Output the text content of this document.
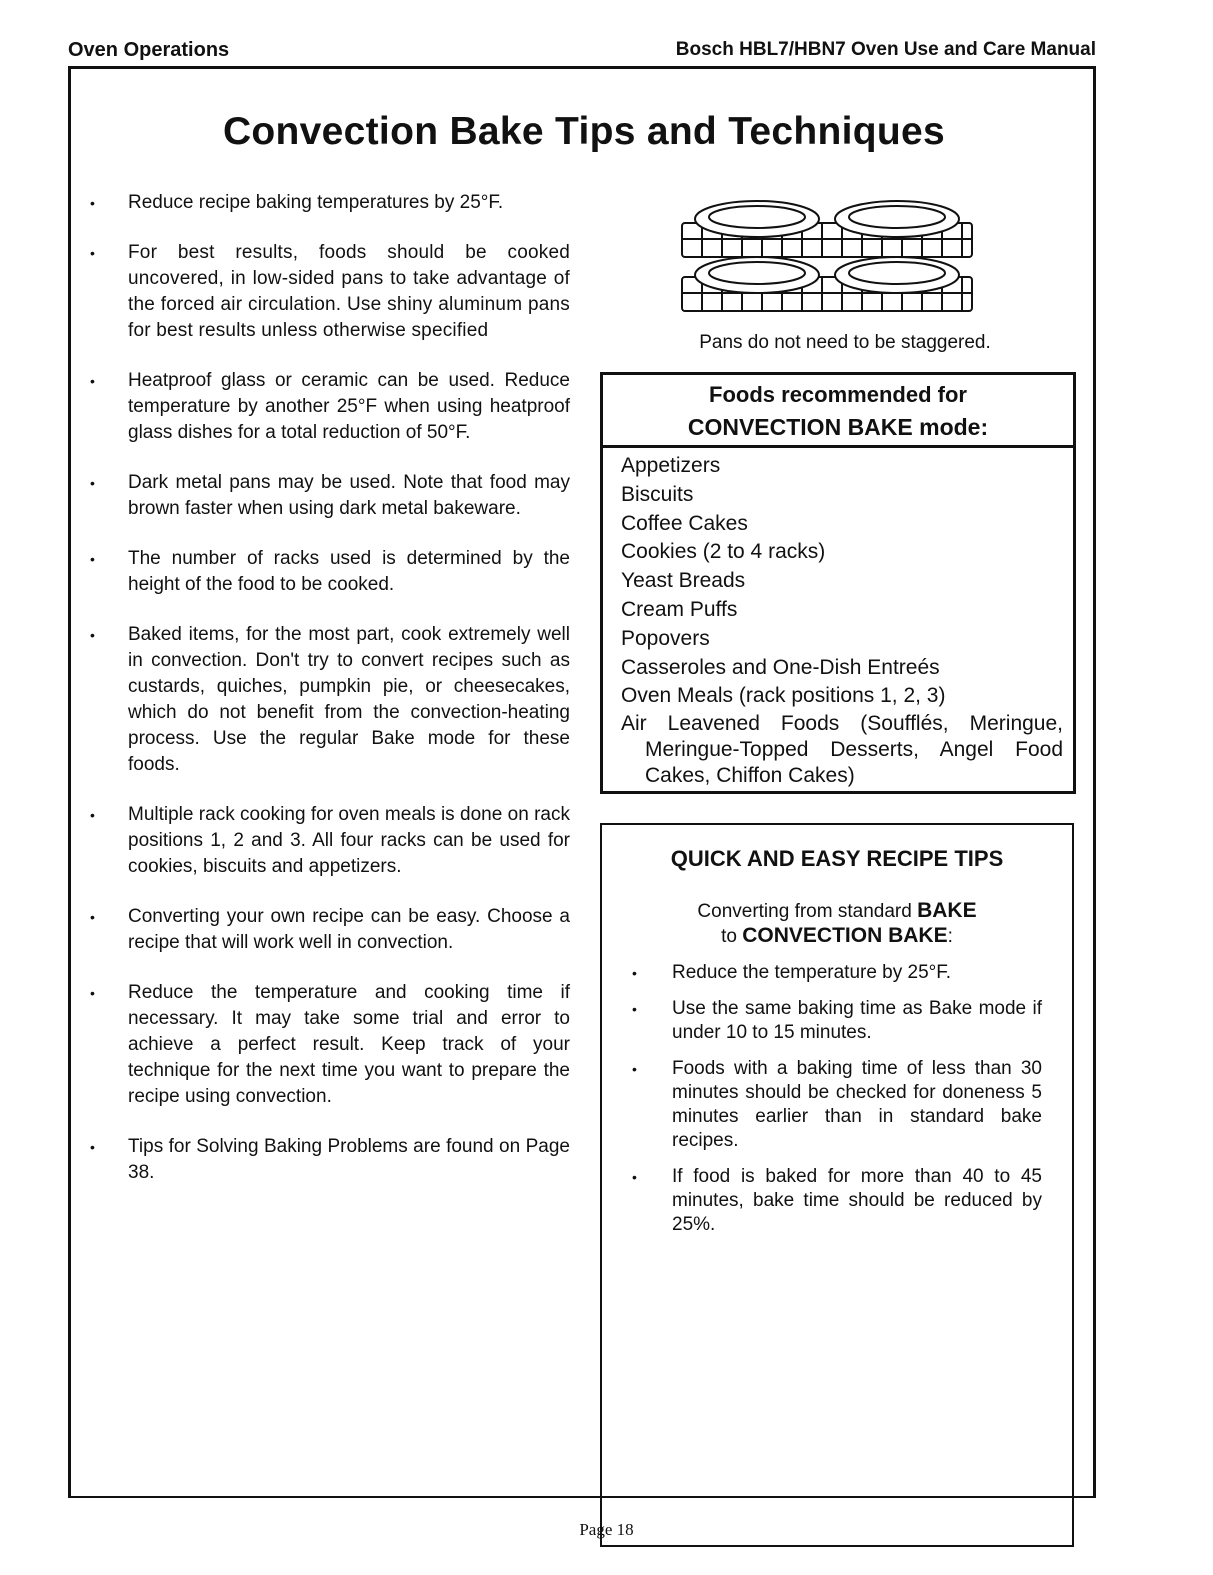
Oven Operations	Bosch HBL7/HBN7 Oven Use and Care Manual
Convection Bake Tips and Techniques

• Reduce recipe baking temperatures by 25°F.

• For best results, foods should be cooked uncovered, in low-sided pans to take advantage of the forced air circulation. Use shiny aluminum pans for best results unless otherwise specified

• Heatproof glass or ceramic can be used. Reduce temperature by another 25°F when using heatproof glass dishes for a total reduction of 50°F.

• Dark metal pans may be used. Note that food may brown faster when using dark metal bakeware.

• The number of racks used is determined by the height of the food to be cooked.

• Baked items, for the most part, cook extremely well in convection. Don't try to convert recipes such as custards, quiches, pumpkin pie, or cheesecakes, which do not benefit from the convection-heating process. Use the regular Bake mode for these foods.

• Multiple rack cooking for oven meals is done on rack positions 1, 2 and 3. All four racks can be used for cookies, biscuits and appetizers.

• Converting your own recipe can be easy. Choose a recipe that will work well in convection.

• Reduce the temperature and cooking time if necessary. It may take some trial and error to achieve a perfect result. Keep track of your technique for the next time you want to prepare the recipe using convection.

• Tips for Solving Baking Problems are found on Page 38.

Pans do not need to be staggered.
Foods recommended for
CONVECTION BAKE mode:
Appetizers
Biscuits
Coffee Cakes
Cookies (2 to 4 racks)
Yeast Breads
Cream Puffs
Popovers
Casseroles and One-Dish Entreés
Oven Meals (rack positions 1, 2, 3)
Air Leavened Foods (Soufflés, Meringue, Meringue-Topped Desserts, Angel Food Cakes, Chiffon Cakes)
QUICK AND EASY RECIPE TIPS
Converting from standard BAKE
to CONVECTION BAKE:

• Reduce the temperature by 25°F.

• Use the same baking time as Bake mode if under 10 to 15 minutes.

• Foods with a baking time of less than 30 minutes should be checked for doneness 5 minutes earlier than in standard bake recipes.

• If food is baked for more than 40 to 45 minutes, bake time should be reduced by 25%.

Page 18
